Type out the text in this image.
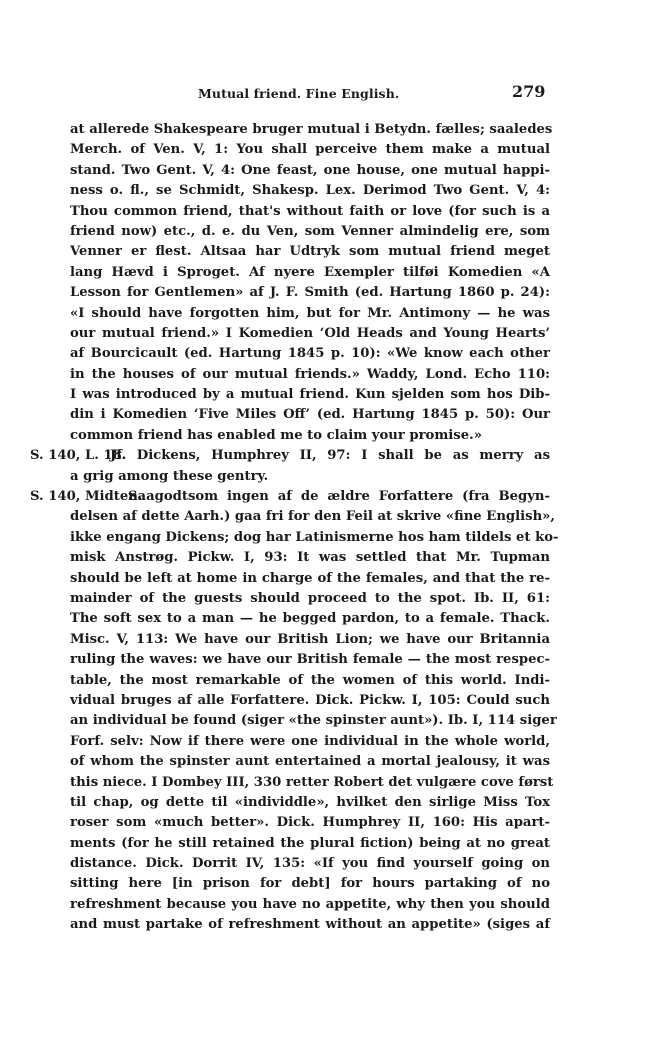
Mutual friend. Fine English.	279
at allerede Shakespeare bruger mutual i Betydn. fælles; saaledes
Merch. of Ven. V, 1: You shall perceive them make a mutual
stand. Two Gent. V, 4: One feast, one house, one mutual happi-
ness o. fl., se Schmidt, Shakesp. Lex. Derimod Two Gent. V, 4:
Thou common friend, that's without faith or love (for such is a
friend now) etc., d. e. du Ven, som Venner almindelig ere, som
Venner er flest. Altsaa har Udtryk som mutual friend meget
lang Hævd i Sproget. Af nyere Exempler tilføi Komedien «A
Lesson for Gentlemen» af J. F. Smith (ed. Hartung 1860 p. 24):
«I should have forgotten him, but for Mr. Antimony — he was
our mutual friend.» I Komedien ‘Old Heads and Young Hearts’
af Bourcicault (ed. Hartung 1845 p. 10): «We know each other
in the houses of our mutual friends.» Waddy, Lond. Echo 110:
I was introduced by a mutual friend. Kun sjelden som hos Dib-
din i Komedien ‘Five Miles Off’ (ed. Hartung 1845 p. 50): Our
common friend has enabled me to claim your promise.»
S. 140, L. 18.
Jf. Dickens, Humphrey II, 97: I shall be as merry as
a grig among these gentry.
S. 140, Midten.
Saagodtsom ingen af de ældre Forfattere (fra Begyn-
delsen af dette Aarh.) gaa fri for den Feil at skrive «fine English»,
ikke engang Dickens; dog har Latinismerne hos ham tildels et ko-
misk Anstrøg. Pickw. I, 93: It was settled that Mr. Tupman
should be left at home in charge of the females, and that the re-
mainder of the guests should proceed to the spot. Ib. II, 61:
The soft sex to a man — he begged pardon, to a female. Thack.
Misc. V, 113: We have our British Lion; we have our Britannia
ruling the waves: we have our British female — the most respec-
table, the most remarkable of the women of this world. Indi-
vidual bruges af alle Forfattere. Dick. Pickw. I, 105: Could such
an individual be found (siger «the spinster aunt»). Ib. I, 114 siger
Forf. selv: Now if there were one individual in the whole world,
of whom the spinster aunt entertained a mortal jealousy, it was
this niece. I Dombey III, 330 retter Robert det vulgære cove først
til chap, og dette til «individdle», hvilket den sirlige Miss Tox
roser som «much better». Dick. Humphrey II, 160: His apart-
ments (for he still retained the plural fiction) being at no great
distance. Dick. Dorrit IV, 135: «If you find yourself going on
sitting here [in prison for debt] for hours partaking of no
refreshment because you have no appetite, why then you should
and must partake of refreshment without an appetite» (siges af
